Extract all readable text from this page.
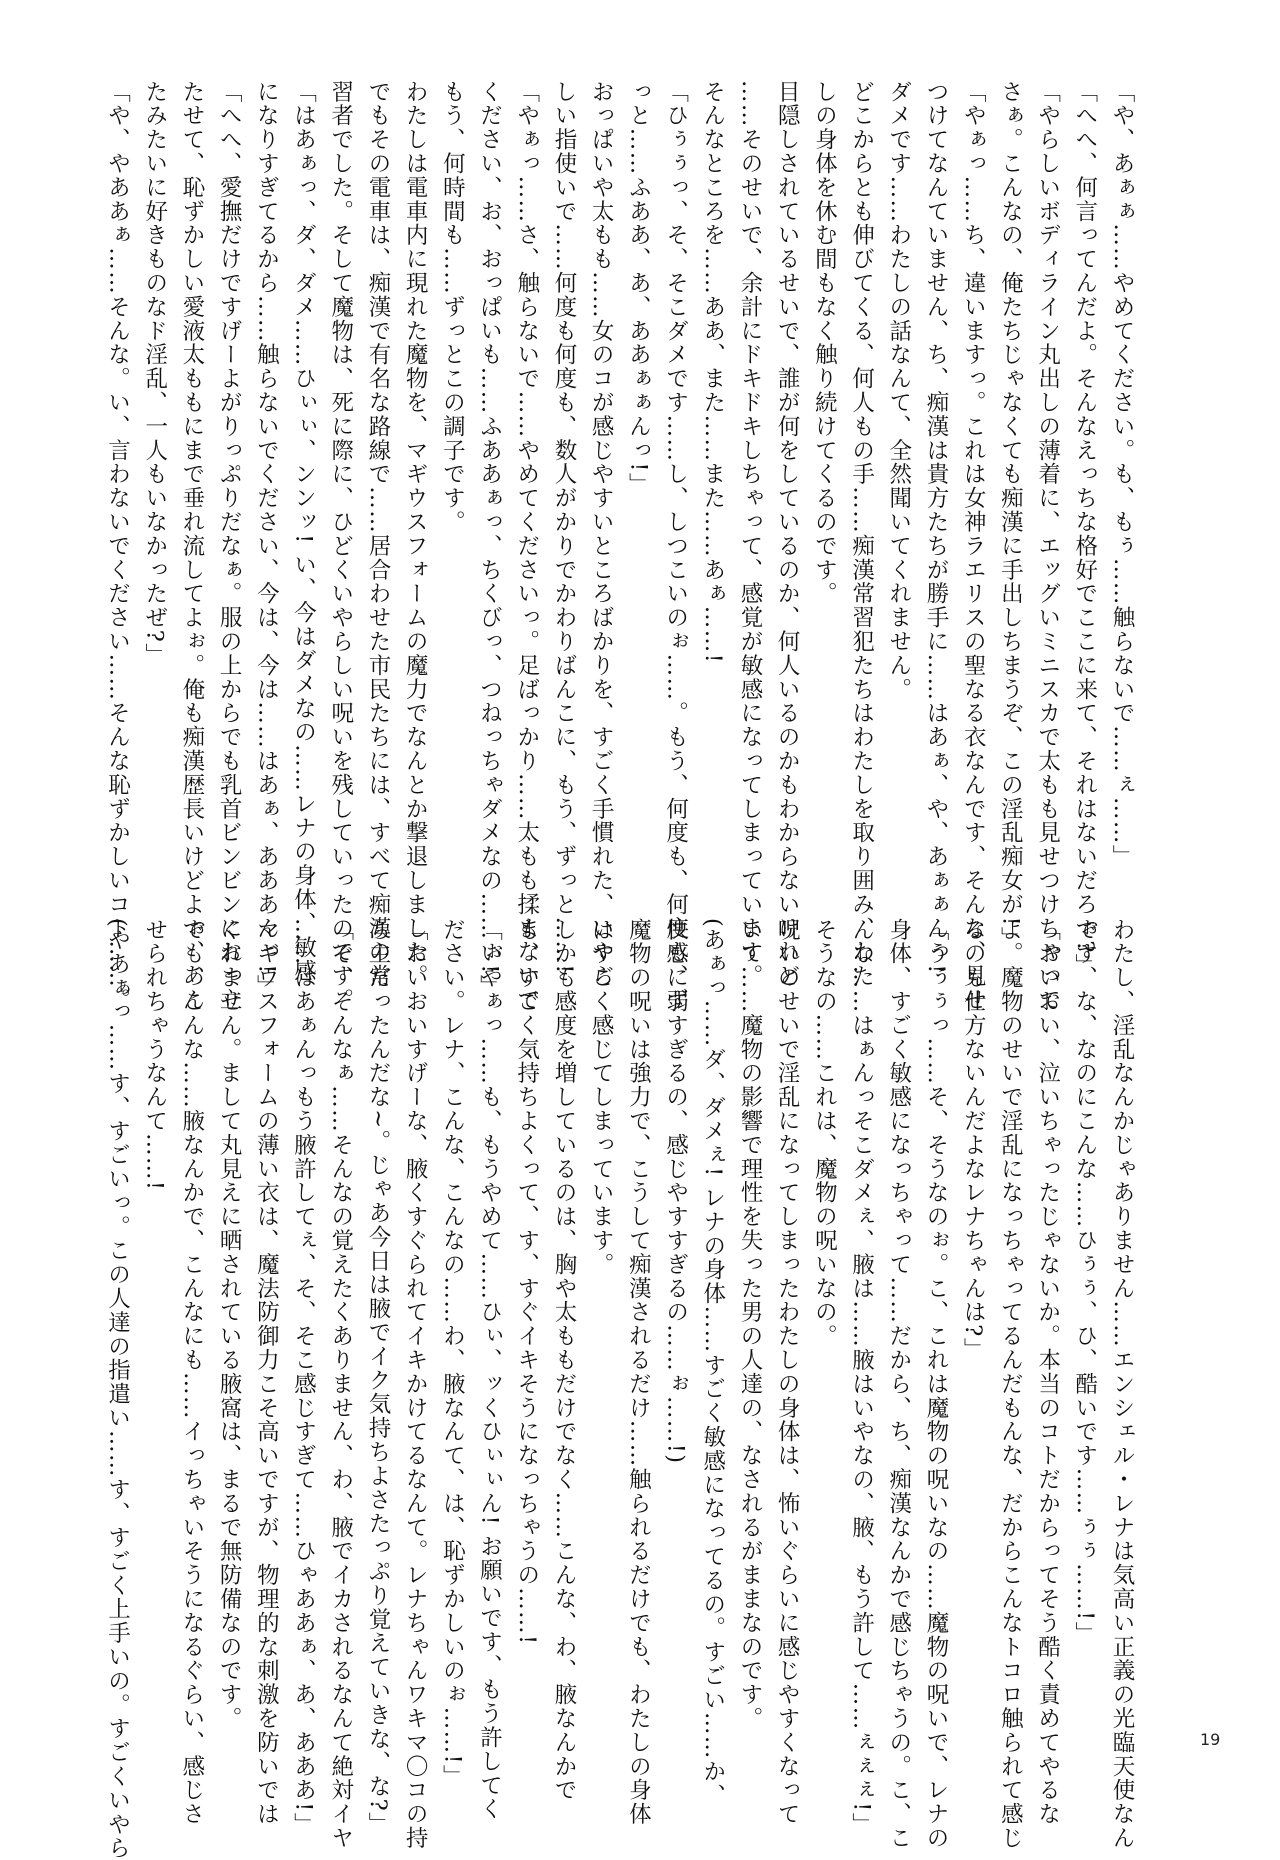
「や、あぁぁ……やめてください。も、もぅ……触らないで……ぇ……」
「へへ、何言ってんだよ。そんなえっちな格好でここに来て、それはないだろぉ?」
「やらしいボディライン丸出しの薄着に、エッグいミニスカで太もも見せつけちゃって
さぁ。こんなの、俺たちじゃなくても痴漢に手出しちまうぞ、この淫乱痴女が!」
「やぁっ……ち、違いますっ。これは女神ラエリスの聖なる衣なんです、そんな、見せ
つけてなんていません、ち、痴漢は貴方たちが勝手に……はあぁ、や、あぁぁんっ!
ダメです……わたしの話なんて、全然聞いてくれません。
どこからとも伸びてくる、何人もの手……痴漢常習犯たちはわたしを取り囲み、わた
しの身体を休む間もなく触り続けてくるのです。
目隠しされているせいで、誰が何をしているのか、何人いるのかもわからないけれど
……そのせいで、余計にドキドキしちゃって、感覚が敏感になってしまっています。
そんなところを……ああ、また……また……あぁ……!
「ひぅぅっ、そ、そこダメです……し、しつこいのぉ……。もう、何度も、何度も、ず
っと……ふああ、あ、ああぁぁんっ!」
おっぱいや太もも……女のコが感じやすいところばかりを、すごく手慣れた、いやら
しい指使いで……何度も何度も、数人がかりでかわりばんこに、もう、ずっと……!
「やぁっ……さ、触らないで……やめてくださいっ。足ばっかり……太もも揉まないで
ください、お、おっぱいも……ふああぁっ、ちくびっ、つねっちゃダメなの……ぉ!」
もう、何時間も……ずっとこの調子です。
わたしは電車内に現れた魔物を、マギウスフォームの魔力でなんとか撃退しました。
でもその電車は、痴漢で有名な路線で……居合わせた市民たちには、すべて痴漢の常
習者でした。そして魔物は、死に際に、ひどくいやらしい呪いを残していったのです。
「はあぁっ、ダ、ダメ……ひぃぃ、ンンッ! い、今はダメなの……レナの身体、敏感
になりすぎてるから……触らないでください、今は、今は……はあぁ、あああんっ!」
「へへ、愛撫だけですげーよがりっぷりだなぁ。服の上からでも乳首ビンビンにおっ立
たせて、恥ずかしい愛液太ももにまで垂れ流してよぉ。俺も痴漢歴長いけどよぉ、あん
たみたいに好きものなド淫乱、一人もいなかったぜ?」
「や、やああぁ……そんな。い、言わないでください……そんな恥ずかしいコト……。
わたし、淫乱なんかじゃありません……エンシェル・レナは気高い正義の光臨天使なん
です、な、なのにこんな……ひぅぅ、ひ、酷いです……ぅぅ……!」
「おいおい、泣いちゃったじゃないか。本当のコトだからってそう酷く責めてやるな
よ。魔物のせいで淫乱になっちゃってるんだもんな、だからこんなトコロ触られて感じ
るのも仕方ないんだよなレナちゃんは?」
「うぅぅっ……そ、そうなのぉ。こ、これは魔物の呪いなの……魔物の呪いで、レナの
身体、すごく敏感になっちゃって……だから、ち、痴漢なんかで感じちゃうの。こ、こ
んな……はぁんっそこダメぇ、腋は……腋はいやなの、腋、もう許して……ぇぇぇ!」
そうなの……これは、魔物の呪いなの。
呪いのせいで淫乱になってしまったわたしの身体は、怖いぐらいに感じやすくなって
いて……魔物の影響で理性を失った男の人達の、なされるがままなのです。
(あぁっ……ダ、ダメぇ! レナの身体……すごく敏感になってるの。すごい……か、
快感に弱すぎるの、感じやすすぎるの……ぉ……!)
魔物の呪いは強力で、こうして痴漢されるだけ……触られるだけでも、わたしの身体
はすごく感じてしまっています。
しかも感度を増しているのは、胸や太ももだけでなく……こんな、わ、腋なんかで
も、すごく気持ちよくって、す、すぐイキそうになっちゃうの……!
「いやぁっ……も、もうやめて……ひぃ、ッくひぃぃん! お願いです、もう許してく
ださい。レナ、こんな、こんなの……わ、腋なんて、は、恥ずかしいのぉ……!」
「おいおいすげーな、腋くすぐられてイキかけてるなんて。レナちゃんワキマ〇コの持
ち主だったんだな~。じゃあ今日は腋でイク気持ちよさたっぷり覚えていきな、な?」
「そ、そんなぁ……そんなの覚えたくありません、わ、腋でイカされるなんて絶対イヤ
……はあぁんっもう腋許してぇ、そ、そこ感じすぎて……ひゃああぁ、あ、あああ!」
マギウスフォームの薄い衣は、魔法防御力こそ高いですが、物理的な刺激を防いでは
くれません。まして丸見えに晒されている腋窩は、まるで無防備なのです。
でも、こんな……腋なんかで、こんなにも……イっちゃいそうになるぐらい、感じさ
せられちゃうなんて……!
(やあぁっ……す、すごいっ。この人達の指遣い……す、すごく上手いの。すごくいやら	19
